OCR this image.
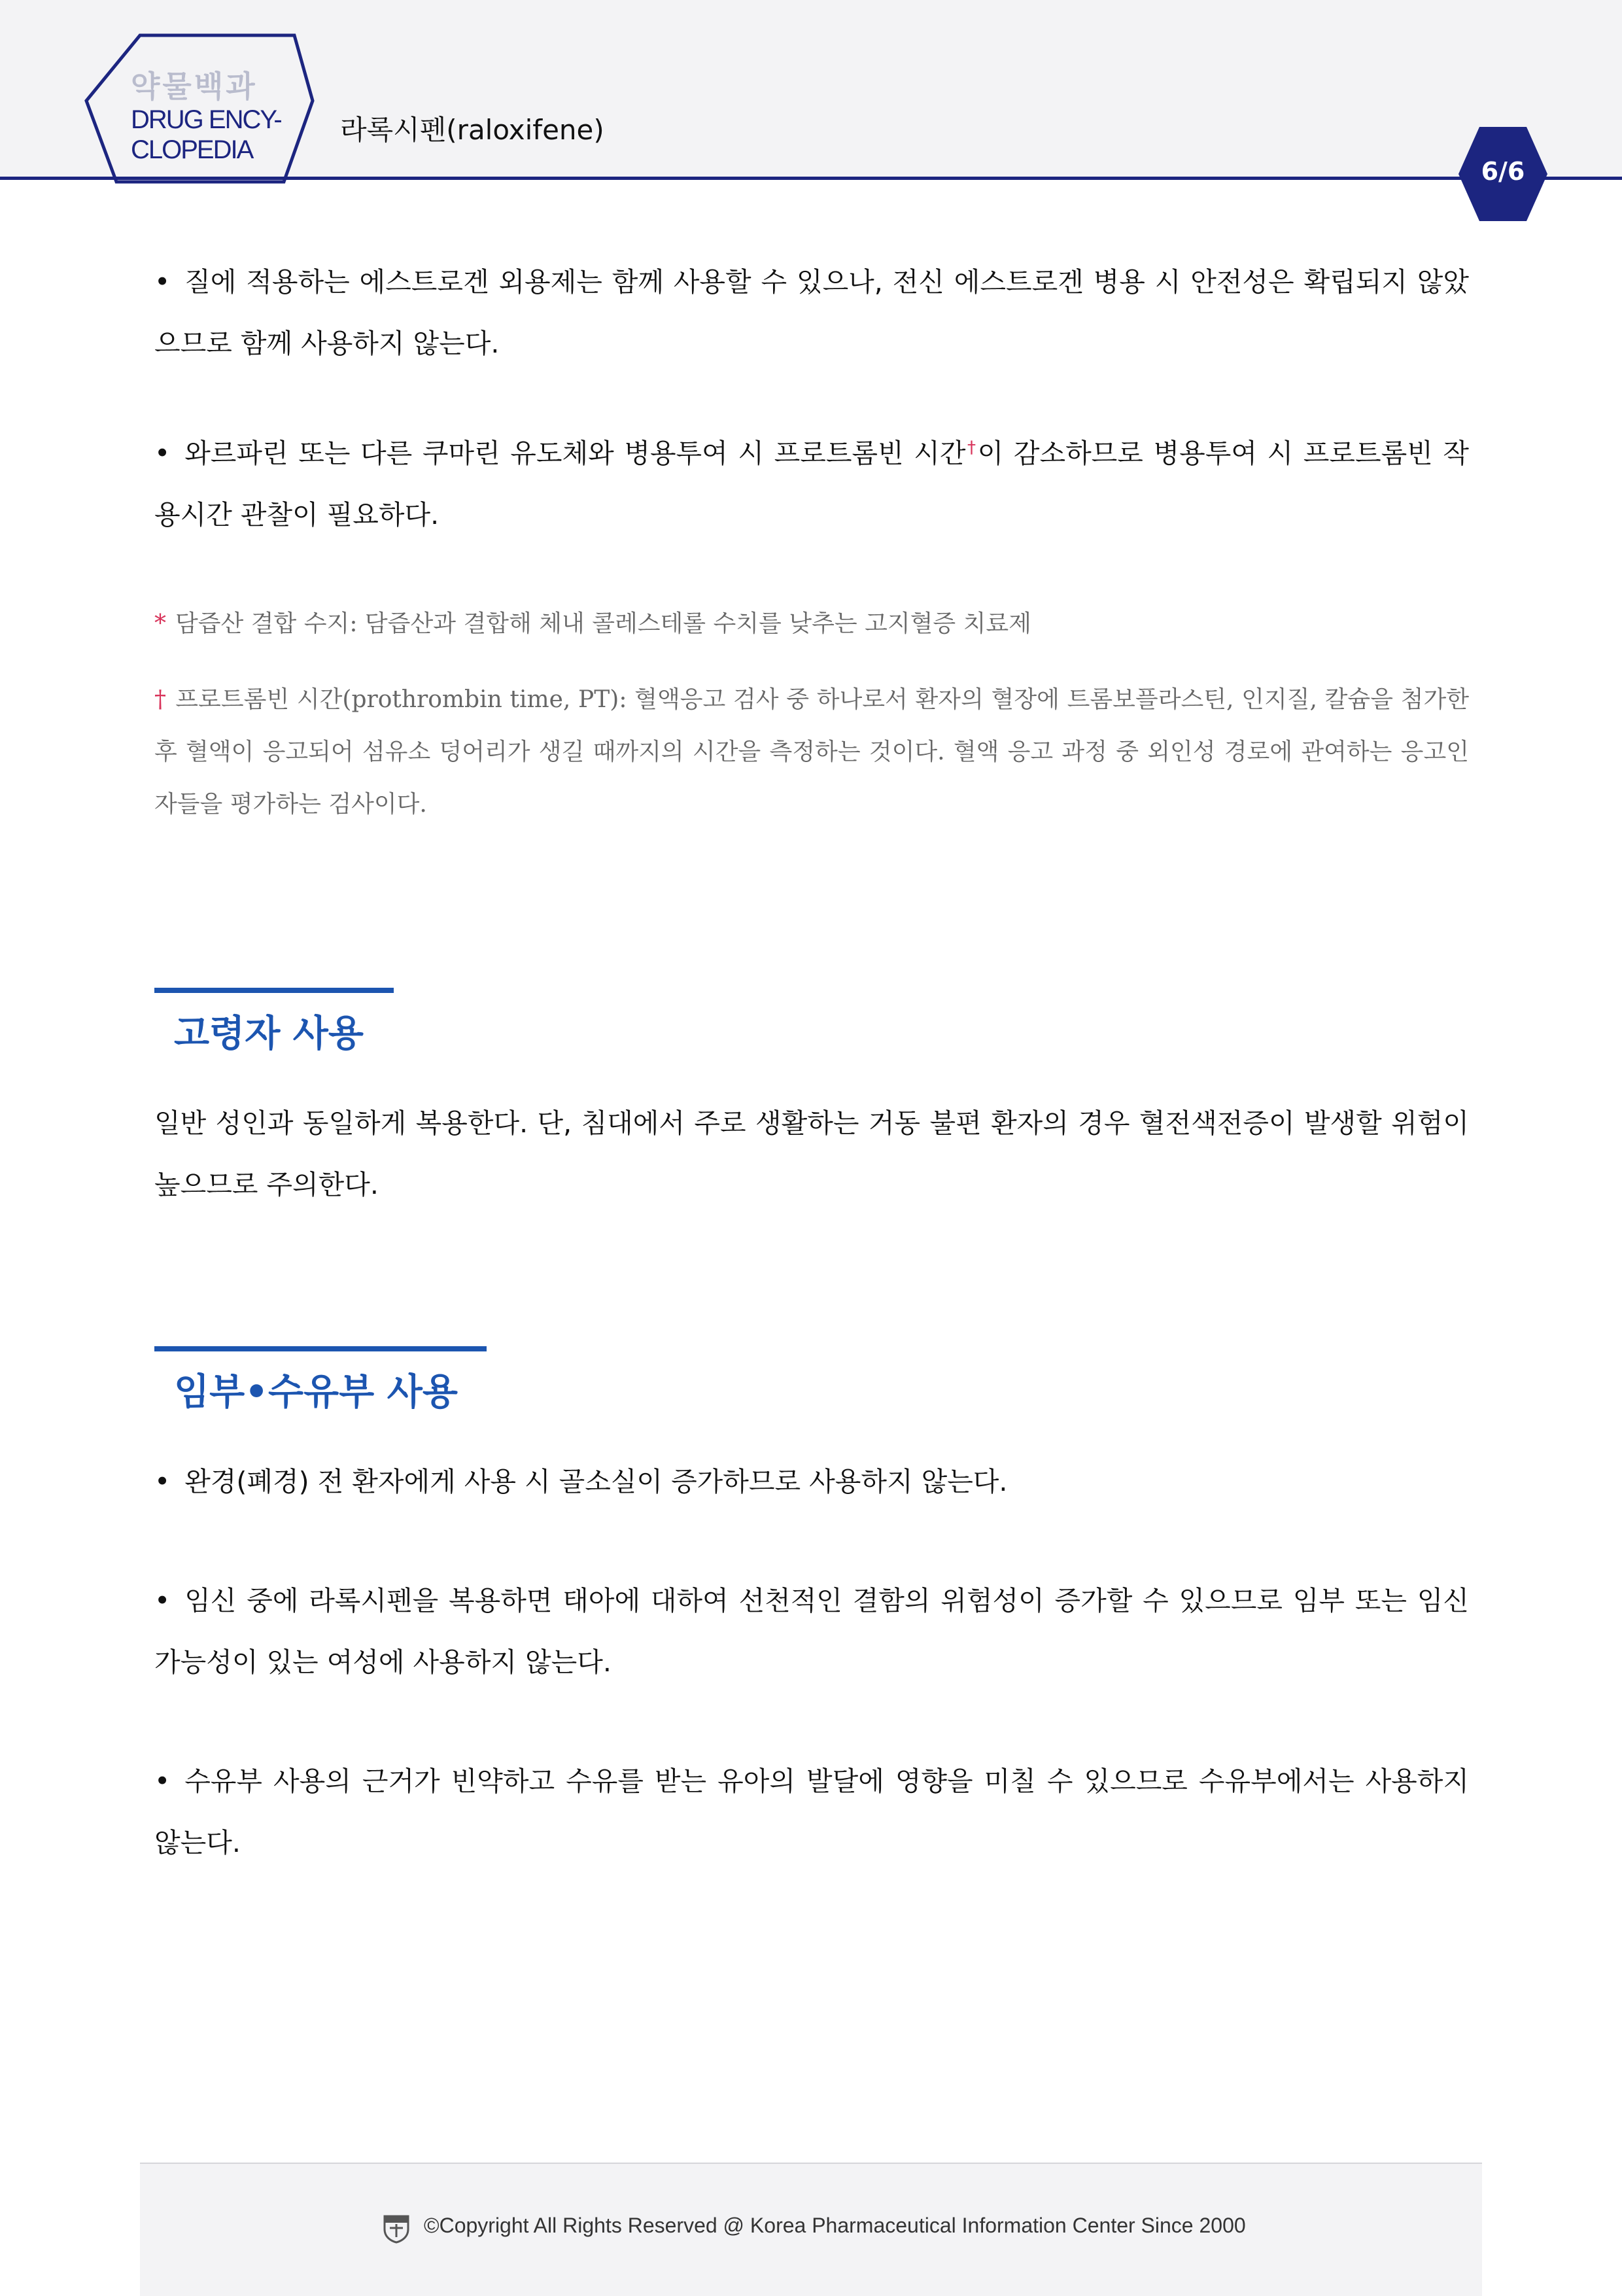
약물백과
DRUG ENCY-
CLOPEDIA
라록시펜(raloxifene)
6/6
• 질에 적용하는 에스트로겐 외용제는 함께 사용할 수 있으나, 전신 에스트로겐 병용 시 안전성은 확립되지 않았으므로 함께 사용하지 않는다.
• 와르파린 또는 다른 쿠마린 유도체와 병용투여 시 프로트롬빈 시간†이 감소하므로 병용투여 시 프로트롬빈 작용시간 관찰이 필요하다.
* 담즙산 결합 수지: 담즙산과 결합해 체내 콜레스테롤 수치를 낮추는 고지혈증 치료제
† 프로트롬빈 시간(prothrombin time, PT): 혈액응고 검사 중 하나로서 환자의 혈장에 트롬보플라스틴, 인지질, 칼슘을 첨가한 후 혈액이 응고되어 섬유소 덩어리가 생길 때까지의 시간을 측정하는 것이다. 혈액 응고 과정 중 외인성 경로에 관여하는 응고인자들을 평가하는 검사이다.
고령자 사용
일반 성인과 동일하게 복용한다. 단, 침대에서 주로 생활하는 거동 불편 환자의 경우 혈전색전증이 발생할 위험이 높으므로 주의한다.
임부•수유부 사용
• 완경(폐경) 전 환자에게 사용 시 골소실이 증가하므로 사용하지 않는다.
• 임신 중에 라록시펜을 복용하면 태아에 대하여 선천적인 결함의 위험성이 증가할 수 있으므로 임부 또는 임신 가능성이 있는 여성에 사용하지 않는다.
• 수유부 사용의 근거가 빈약하고 수유를 받는 유아의 발달에 영향을 미칠 수 있으므로 수유부에서는 사용하지 않는다.
©Copyright All Rights Reserved @ Korea Pharmaceutical Information Center Since 2000
